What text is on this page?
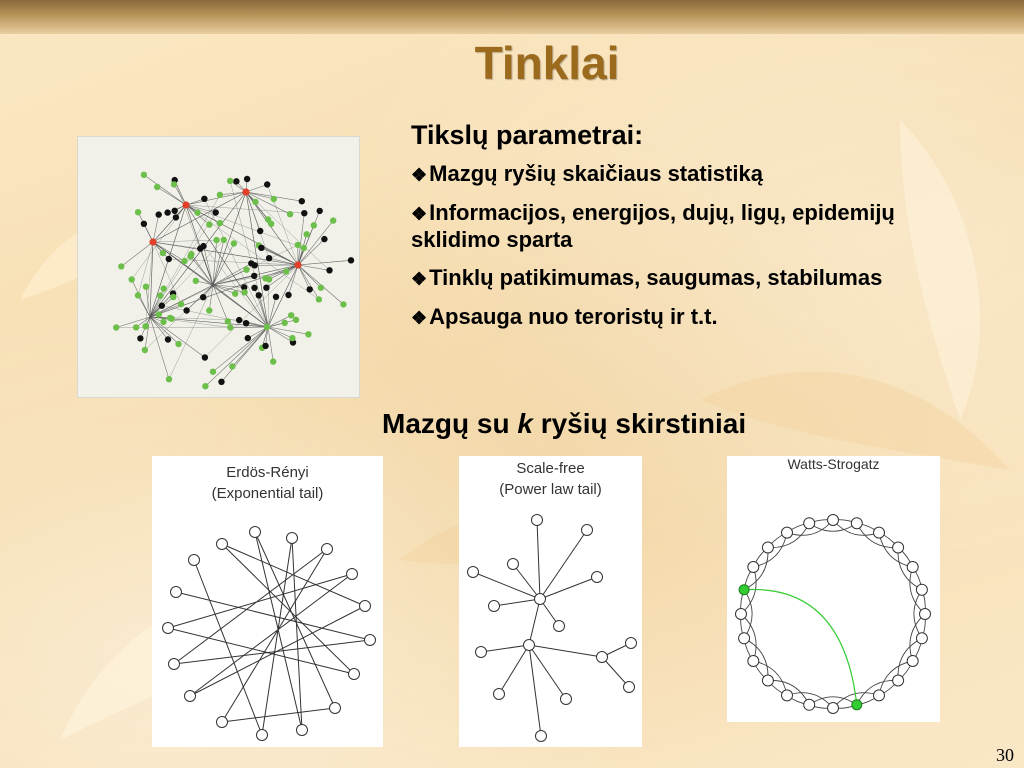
Tinklai
Tikslų parametrai:
❖Mazgų ryšių skaičiaus statistiką
❖Informacijos, energijos, dujų, ligų, epidemijų sklidimo sparta
❖Tinklų patikimumas, saugumas, stabilumas
❖Apsauga nuo teroristų ir t.t.
Mazgų su k ryšių skirstiniai
Erdös-Rényi
(Exponential tail)
Scale-free
(Power law tail)
Watts-Strogatz
30
